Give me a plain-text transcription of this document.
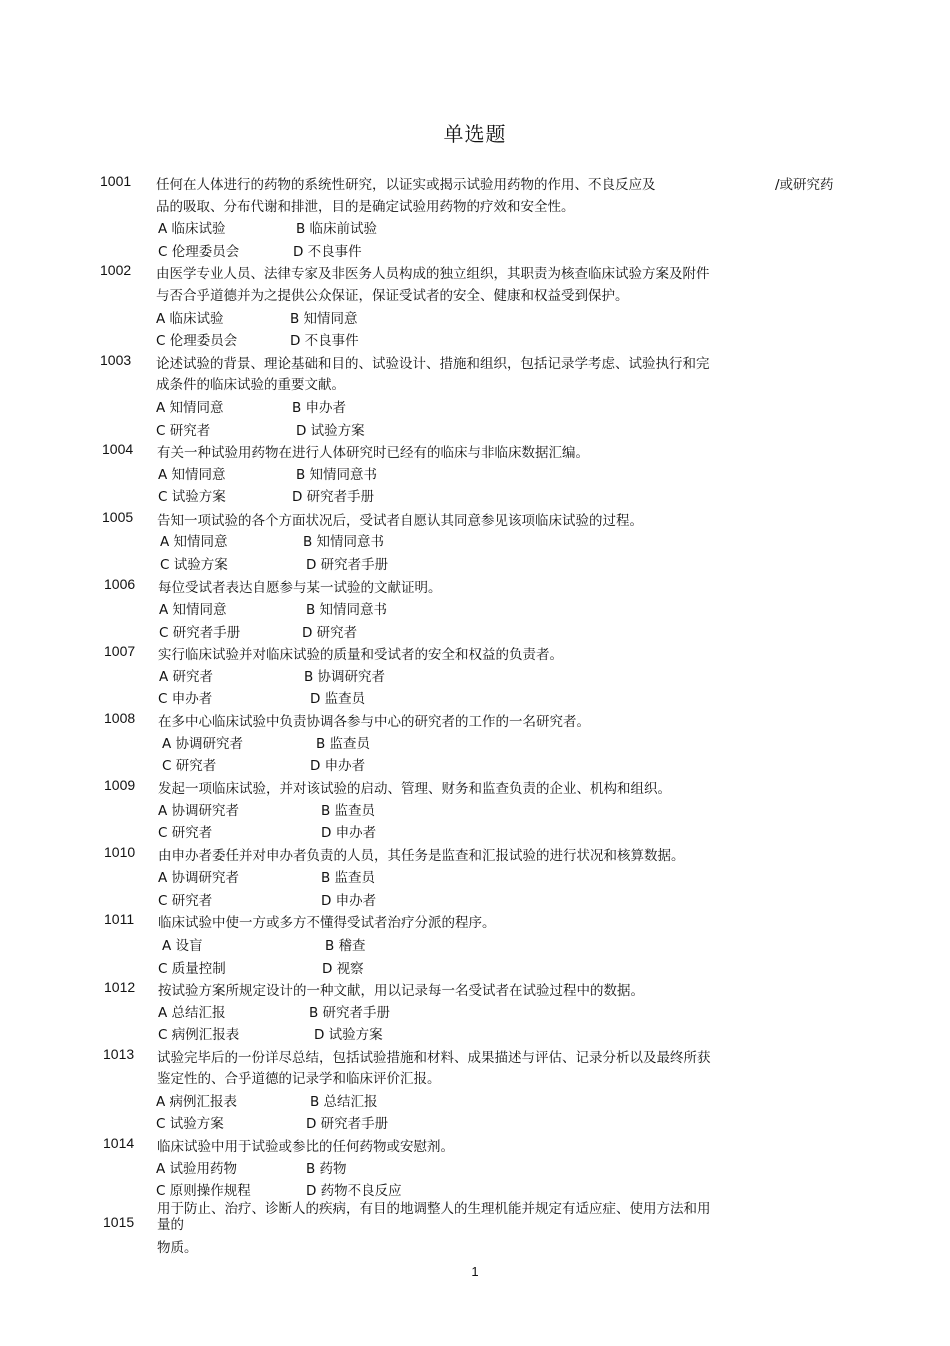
单选题
1001 任何在人体进行的药物的系统性研究，以证实或揭示试验用药物的作用、不良反应及	/或研究药
品的吸取、分布代谢和排泄，目的是确定试验用药物的疗效和安全性。
A 临床试验	B 临床前试验
C 伦理委员会	D 不良事件
1002 由医学专业人员、法律专家及非医务人员构成的独立组织，其职责为核查临床试验方案及附件
与否合乎道德并为之提供公众保证，保证受试者的安全、健康和权益受到保护。
A 临床试验	B 知情同意
C 伦理委员会	D 不良事件
1003 论述试验的背景、理论基础和目的、试验设计、措施和组织，包括记录学考虑、试验执行和完
成条件的临床试验的重要文献。
A 知情同意	B 申办者
C 研究者	D 试验方案
1004 有关一种试验用药物在进行人体研究时已经有的临床与非临床数据汇编。
A 知情同意	B 知情同意书
C 试验方案	D 研究者手册
1005 告知一项试验的各个方面状况后，受试者自愿认其同意参见该项临床试验的过程。
A 知情同意	B 知情同意书
C 试验方案	D 研究者手册
1006 每位受试者表达自愿参与某一试验的文献证明。
A 知情同意	B 知情同意书
C 研究者手册	D 研究者
1007 实行临床试验并对临床试验的质量和受试者的安全和权益的负责者。
A 研究者	B 协调研究者
C 申办者	D 监查员
1008 在多中心临床试验中负责协调各参与中心的研究者的工作的一名研究者。
A 协调研究者	B 监查员
C 研究者	D 申办者
1009 发起一项临床试验，并对该试验的启动、管理、财务和监查负责的企业、机构和组织。
A 协调研究者	B 监查员
C 研究者	D 申办者
1010 由申办者委任并对申办者负责的人员，其任务是监查和汇报试验的进行状况和核算数据。
A 协调研究者	B 监查员
C 研究者	D 申办者
1011 临床试验中使一方或多方不懂得受试者治疗分派的程序。
A 设盲	B 稽查
C 质量控制	D 视察
1012 按试验方案所规定设计的一种文献，用以记录每一名受试者在试验过程中的数据。
A 总结汇报	B 研究者手册
C 病例汇报表	D 试验方案
1013 试验完毕后的一份详尽总结，包括试验措施和材料、成果描述与评估、记录分析以及最终所获
鉴定性的、合乎道德的记录学和临床评价汇报。
A 病例汇报表	B 总结汇报
C 试验方案	D 研究者手册
1014 临床试验中用于试验或参比的任何药物或安慰剂。
A 试验用药物	B 药物
C 原则操作规程	D 药物不良反应
用于防止、治疗、诊断人的疾病，有目的地调整人的生理机能并规定有适应症、使用方法和用
量的
1015
物质。
1
